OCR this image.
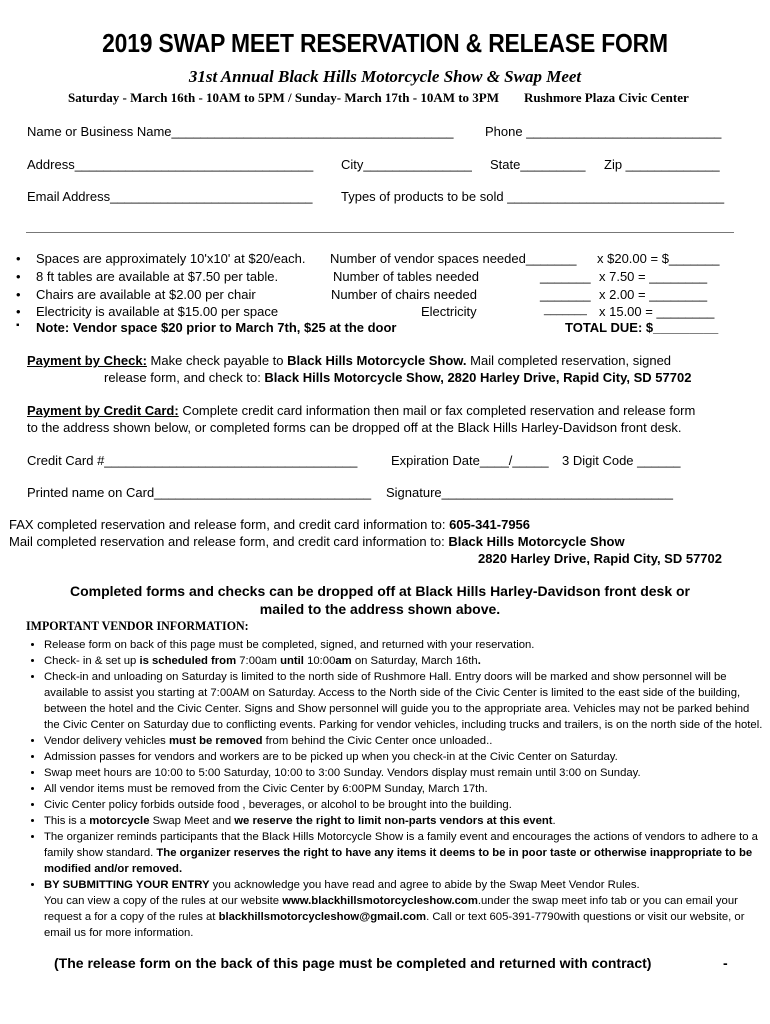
2019 SWAP MEET RESERVATION & RELEASE FORM
31st Annual Black Hills Motorcycle Show & Swap Meet
Saturday - March 16th - 10AM to 5PM / Sunday- March 17th - 10AM to 3PM Rushmore Plaza Civic Center
Name or Business Name_______________________________________ Phone ___________________________
Address_________________________________ City_______________ State_________ Zip _____________
Email Address____________________________ Types of products to be sold ______________________________
• Spaces are approximately 10'x10' at $20/each. Number of vendor spaces needed_______ x $20.00 = $_______
• 8 ft tables are available at $7.50 per table.	Number of tables needed	_______ x 7.50 = ________
• Chairs are available at $2.00 per chair	Number of chairs needed	_______ x 2.00 = ________
• Electricity is available at $15.00 per space	Electricity	_______ x 15.00 = ________
▪ Note: Vendor space $20 prior to March 7th, $25 at the door	TOTAL DUE: $_________
Payment by Check: Make check payable to Black Hills Motorcycle Show. Mail completed reservation, signed
release form, and check to: Black Hills Motorcycle Show, 2820 Harley Drive, Rapid City, SD 57702
Payment by Credit Card: Complete credit card information then mail or fax completed reservation and release form
to the address shown below, or completed forms can be dropped off at the Black Hills Harley-Davidson front desk.
Credit Card #___________________________________	Expiration Date____/_____ 3 Digit Code ______
Printed name on Card______________________________ Signature________________________________
FAX completed reservation and release form, and credit card information to: 605-341-7956
Mail completed reservation and release form, and credit card information to: Black Hills Motorcycle Show
2820 Harley Drive, Rapid City, SD 57702
Completed forms and checks can be dropped off at Black Hills Harley-Davidson front desk or
mailed to the address shown above.
IMPORTANT VENDOR INFORMATION:
• Release form on back of this page must be completed, signed, and returned with your reservation.
• Check- in & set up is scheduled from 7:00am until 10:00am on Saturday, March 16th.
• Check-in and unloading on Saturday is limited to the north side of Rushmore Hall. Entry doors will be marked and show personnel will be available to assist you starting at 7:00AM on Saturday. Access to the North side of the Civic Center is limited to the east side of the building, between the hotel and the Civic Center. Signs and Show personnel will guide you to the appropriate area. Vehicles may not be parked behind the Civic Center on Saturday due to conflicting events. Parking for vendor vehicles, including trucks and trailers, is on the north side of the hotel.
• Vendor delivery vehicles must be removed from behind the Civic Center once unloaded..
• Admission passes for vendors and workers are to be picked up when you check-in at the Civic Center on Saturday.
• Swap meet hours are 10:00 to 5:00 Saturday, 10:00 to 3:00 Sunday. Vendors display must remain until 3:00 on Sunday.
• All vendor items must be removed from the Civic Center by 6:00PM Sunday, March 17th.
• Civic Center policy forbids outside food , beverages, or alcohol to be brought into the building.
• This is a motorcycle Swap Meet and we reserve the right to limit non-parts vendors at this event.
• The organizer reminds participants that the Black Hills Motorcycle Show is a family event and encourages the actions of vendors to adhere to a family show standard. The organizer reserves the right to have any items it deems to be in poor taste or otherwise inappropriate to be modified and/or removed.
• BY SUBMITTING YOUR ENTRY you acknowledge you have read and agree to abide by the Swap Meet Vendor Rules.
You can view a copy of the rules at our website www.blackhillsmotorcycleshow.com.under the swap meet info tab or you can email your request a for a copy of the rules at blackhillsmotorcycleshow@gmail.com. Call or text 605-391-7790with questions or visit our website, or email us for more information.
(The release form on the back of this page must be completed and returned with contract)	-
